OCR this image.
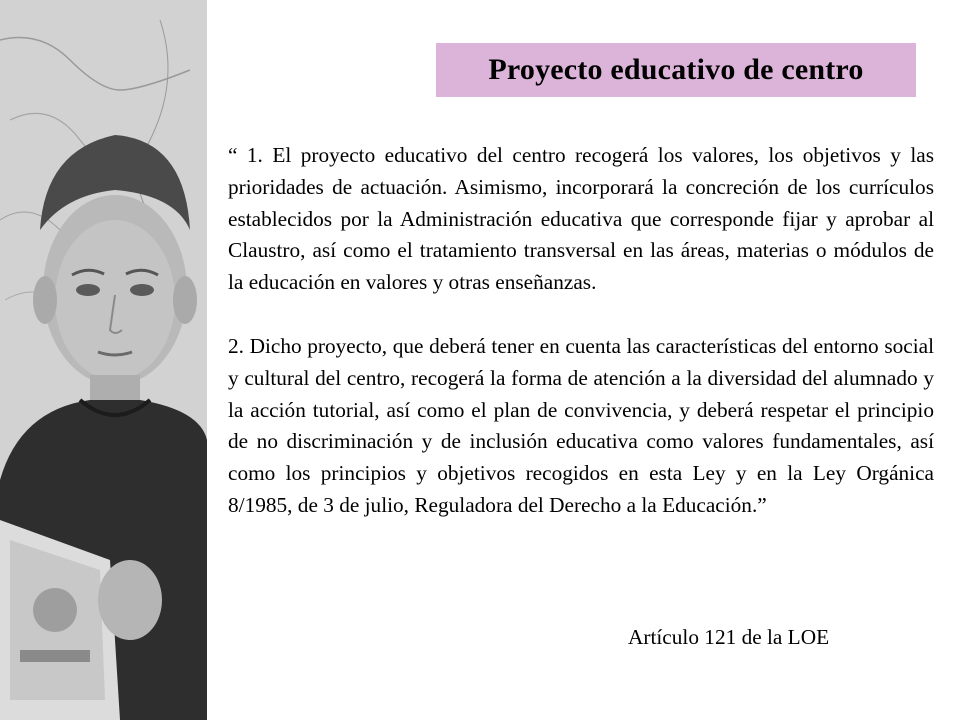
Proyecto educativo de centro

“ 1. El proyecto educativo del centro recogerá los valores, los objetivos y las prioridades de actuación. Asimismo, incorporará la concreción de los currículos establecidos por la Administración educativa que corresponde fijar y aprobar al Claustro, así como el tratamiento transversal en las áreas, materias o módulos de la educación en valores y otras enseñanzas.

2. Dicho proyecto, que deberá tener en cuenta las características del entorno social y cultural del centro, recogerá la forma de atención a la diversidad del alumnado y la acción tutorial, así como el plan de convivencia, y deberá respetar el principio de no discriminación y de inclusión educativa como valores fundamentales, así como los principios y objetivos recogidos en esta Ley y en la Ley Orgánica 8/1985, de 3 de julio, Reguladora del Derecho a la Educación.”

Artículo 121 de la LOE
